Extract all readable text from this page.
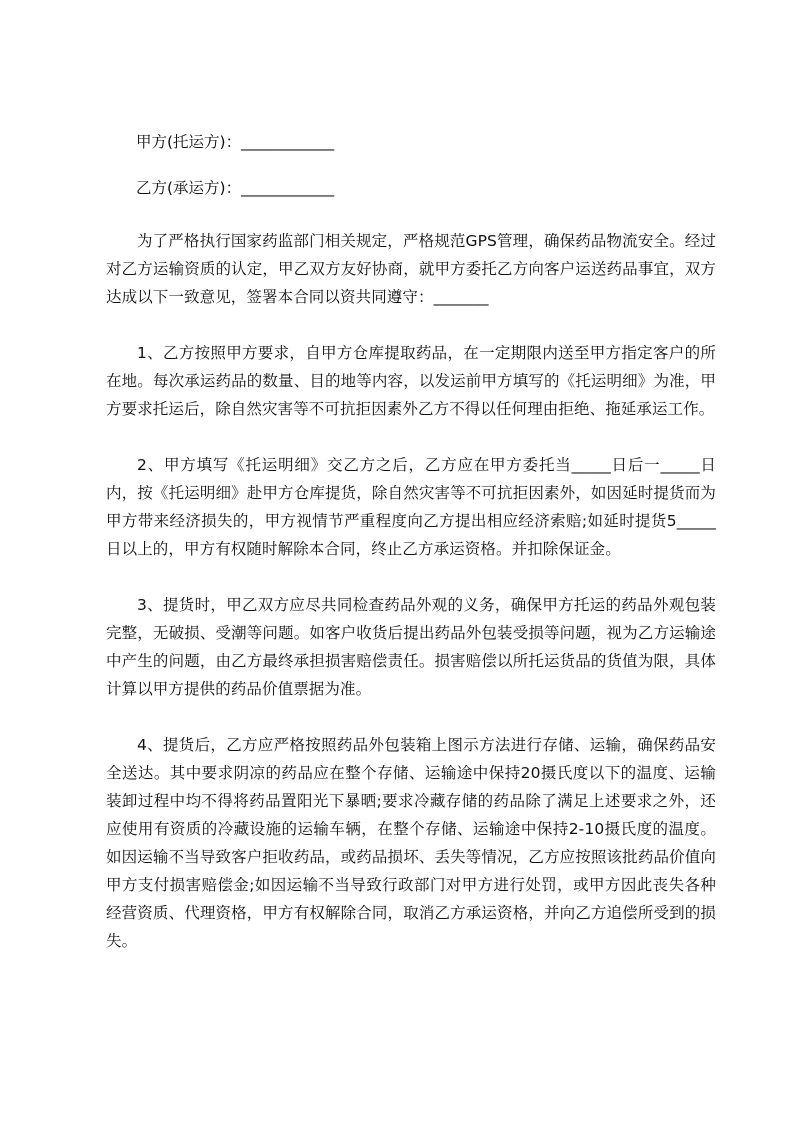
甲方(托运方)：____________
乙方(承运方)：____________

为了严格执行国家药监部门相关规定，严格规范GPS管理，确保药品物流安全。经过对乙方运输资质的认定，甲乙双方友好协商，就甲方委托乙方向客户运送药品事宜，双方达成以下一致意见，签署本合同以资共同遵守：_______

1、乙方按照甲方要求，自甲方仓库提取药品，在一定期限内送至甲方指定客户的所在地。每次承运药品的数量、目的地等内容，以发运前甲方填写的《托运明细》为准，甲方要求托运后，除自然灾害等不可抗拒因素外乙方不得以任何理由拒绝、拖延承运工作。

2、甲方填写《托运明细》交乙方之后，乙方应在甲方委托当_____日后一_____日内，按《托运明细》赴甲方仓库提货，除自然灾害等不可抗拒因素外，如因延时提货而为甲方带来经济损失的，甲方视情节严重程度向乙方提出相应经济索赔;如延时提货5_____日以上的，甲方有权随时解除本合同，终止乙方承运资格。并扣除保证金。

3、提货时，甲乙双方应尽共同检查药品外观的义务，确保甲方托运的药品外观包装完整，无破损、受潮等问题。如客户收货后提出药品外包装受损等问题，视为乙方运输途中产生的问题，由乙方最终承担损害赔偿责任。损害赔偿以所托运货品的货值为限，具体计算以甲方提供的药品价值票据为准。

4、提货后，乙方应严格按照药品外包装箱上图示方法进行存储、运输，确保药品安全送达。其中要求阴凉的药品应在整个存储、运输途中保持20摄氏度以下的温度、运输装卸过程中均不得将药品置阳光下暴晒;要求冷藏存储的药品除了满足上述要求之外，还应使用有资质的冷藏设施的运输车辆，在整个存储、运输途中保持2-10摄氏度的温度。如因运输不当导致客户拒收药品，或药品损坏、丢失等情况，乙方应按照该批药品价值向甲方支付损害赔偿金;如因运输不当导致行政部门对甲方进行处罚，或甲方因此丧失各种经营资质、代理资格，甲方有权解除合同，取消乙方承运资格，并向乙方追偿所受到的损失。
